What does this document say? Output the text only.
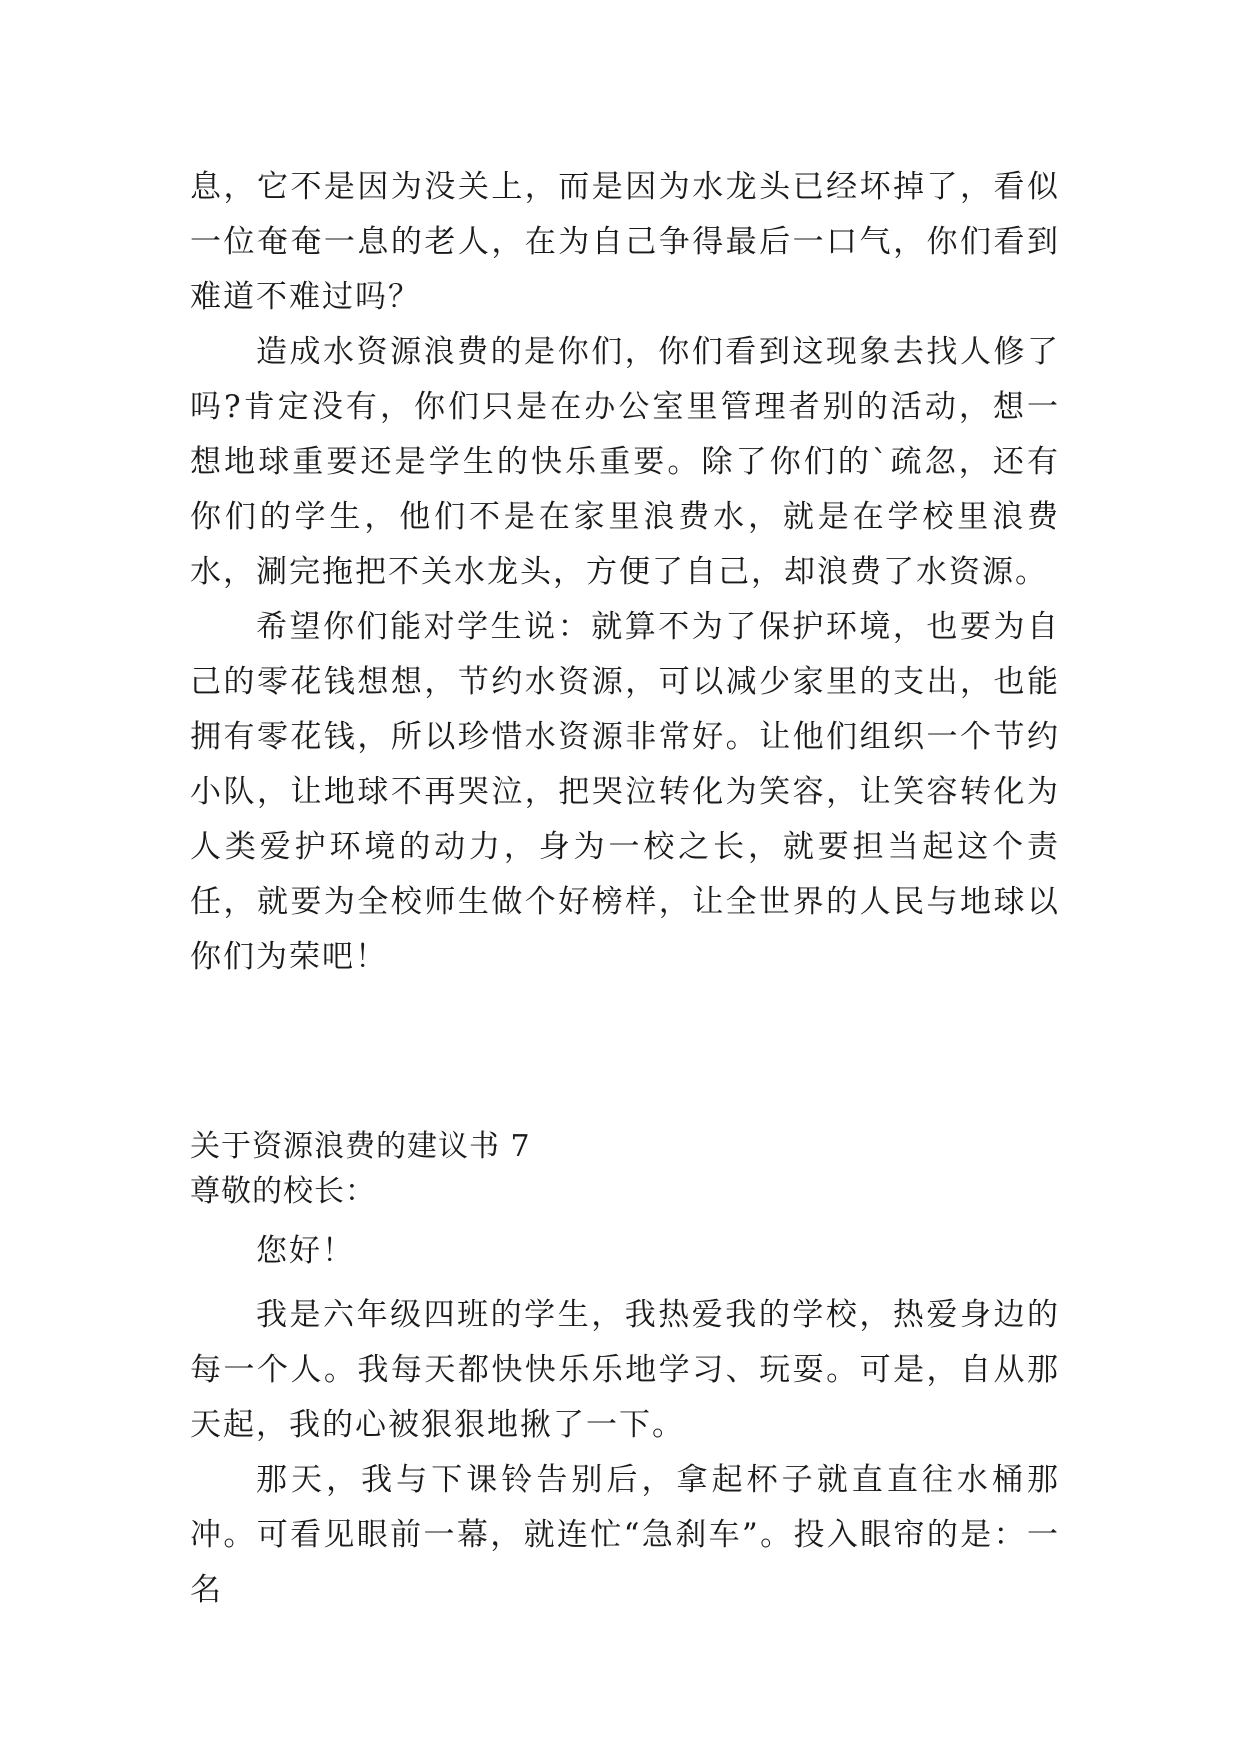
息，它不是因为没关上，而是因为水龙头已经坏掉了，看似一位奄奄一息的老人，在为自己争得最后一口气，你们看到难道不难过吗？

造成水资源浪费的是你们，你们看到这现象去找人修了吗?肯定没有，你们只是在办公室里管理者别的活动，想一想地球重要还是学生的快乐重要。除了你们的`疏忽，还有你们的学生，他们不是在家里浪费水，就是在学校里浪费水，涮完拖把不关水龙头，方便了自己，却浪费了水资源。

希望你们能对学生说：就算不为了保护环境，也要为自己的零花钱想想，节约水资源，可以减少家里的支出，也能拥有零花钱，所以珍惜水资源非常好。让他们组织一个节约小队，让地球不再哭泣，把哭泣转化为笑容，让笑容转化为人类爱护环境的动力，身为一校之长，就要担当起这个责任，就要为全校师生做个好榜样，让全世界的人民与地球以你们为荣吧！

关于资源浪费的建议书 7

尊敬的校长：

您好！

我是六年级四班的学生，我热爱我的学校，热爱身边的每一个人。我每天都快快乐乐地学习、玩耍。可是，自从那天起，我的心被狠狠地揪了一下。

那天，我与下课铃告别后，拿起杯子就直直往水桶那冲。可看见眼前一幕，就连忙“急刹车”。投入眼帘的是：一名
